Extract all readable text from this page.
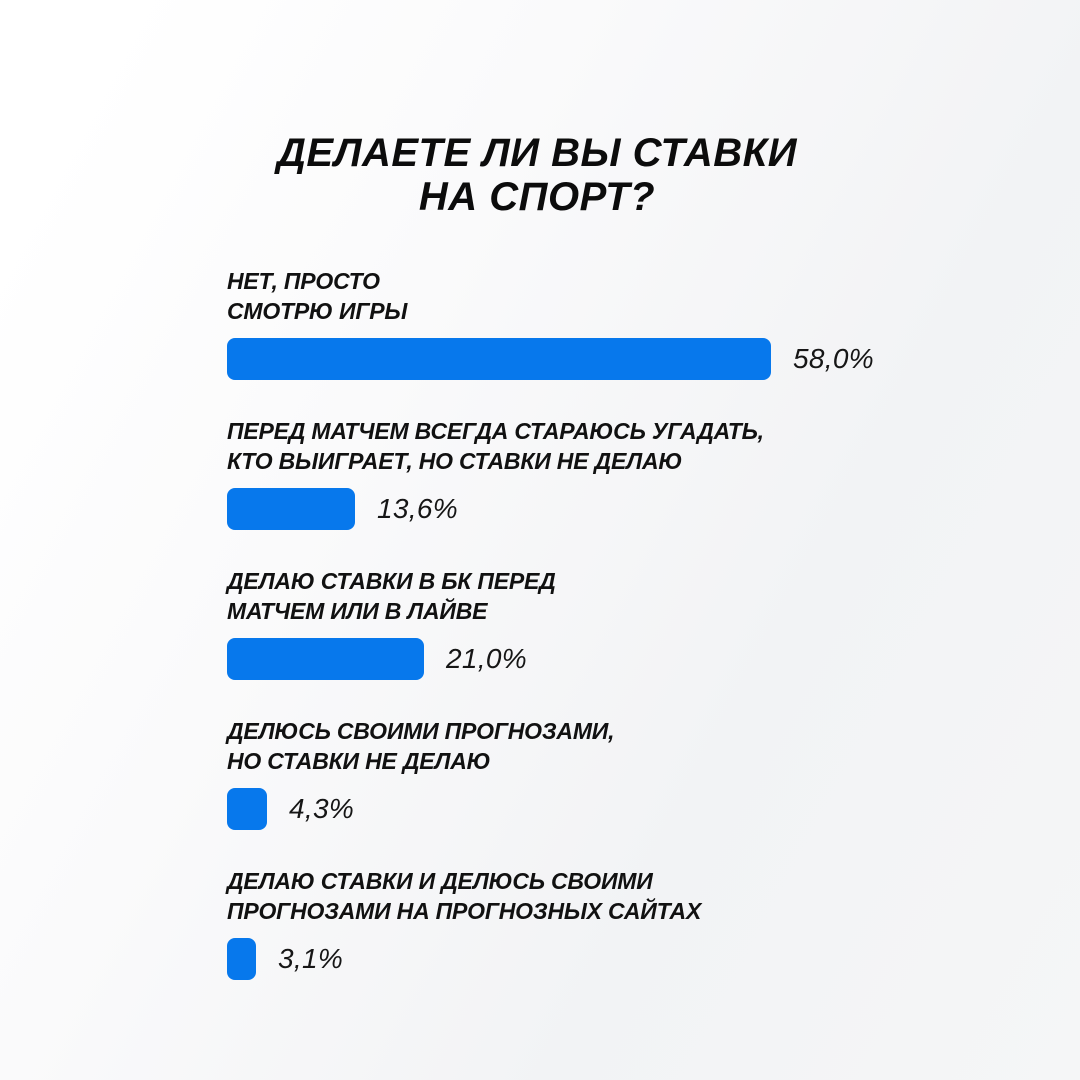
ДЕЛАЕТЕ ЛИ ВЫ СТАВКИ
НА СПОРТ?
НЕТ, ПРОСТО
СМОТРЮ ИГРЫ
58,0%
ПЕРЕД МАТЧЕМ ВСЕГДА СТАРАЮСЬ УГАДАТЬ,
КТО ВЫИГРАЕТ, НО СТАВКИ НЕ ДЕЛАЮ
13,6%
ДЕЛАЮ СТАВКИ В БК ПЕРЕД
МАТЧЕМ ИЛИ В ЛАЙВЕ
21,0%
ДЕЛЮСЬ СВОИМИ ПРОГНОЗАМИ,
НО СТАВКИ НЕ ДЕЛАЮ
4,3%
ДЕЛАЮ СТАВКИ И ДЕЛЮСЬ СВОИМИ
ПРОГНОЗАМИ НА ПРОГНОЗНЫХ САЙТАХ
3,1%
